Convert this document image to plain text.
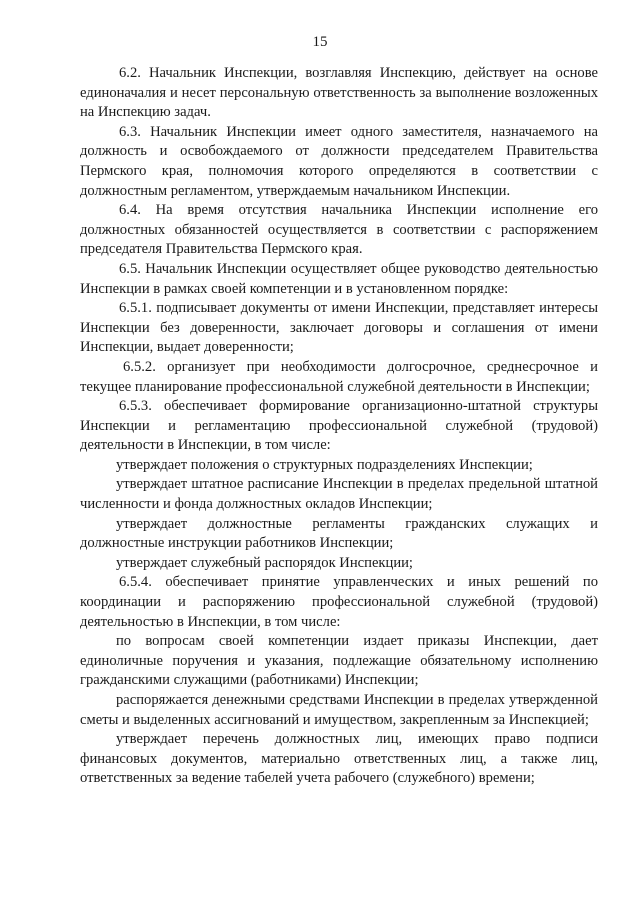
15

6.2. Начальник Инспекции, возглавляя Инспекцию, действует на основе единоначалия и несет персональную ответственность за выполнение возложенных на Инспекцию задач.

6.3. Начальник Инспекции имеет одного заместителя, назначаемого на должность и освобождаемого от должности председателем Правительства Пермского края, полномочия которого определяются в соответствии с должностным регламентом, утверждаемым начальником Инспекции.

6.4. На время отсутствия начальника Инспекции исполнение его должностных обязанностей осуществляется в соответствии с распоряжением председателя Правительства Пермского края.

6.5. Начальник Инспекции осуществляет общее руководство деятельностью Инспекции в рамках своей компетенции и в установленном порядке:

6.5.1. подписывает документы от имени Инспекции, представляет интересы Инспекции без доверенности, заключает договоры и соглашения от имени Инспекции, выдает доверенности;

6.5.2. организует при необходимости долгосрочное, среднесрочное и текущее планирование профессиональной служебной деятельности в Инспекции;

6.5.3. обеспечивает формирование организационно-штатной структуры Инспекции и регламентацию профессиональной служебной (трудовой) деятельности в Инспекции, в том числе:

утверждает положения о структурных подразделениях Инспекции;

утверждает штатное расписание Инспекции в пределах предельной штатной численности и фонда должностных окладов Инспекции;

утверждает должностные регламенты гражданских служащих и должностные инструкции работников Инспекции;

утверждает служебный распорядок Инспекции;

6.5.4. обеспечивает принятие управленческих и иных решений по координации и распоряжению профессиональной служебной (трудовой) деятельностью в Инспекции, в том числе:

по вопросам своей компетенции издает приказы Инспекции, дает единоличные поручения и указания, подлежащие обязательному исполнению гражданскими служащими (работниками) Инспекции;

распоряжается денежными средствами Инспекции в пределах утвержденной сметы и выделенных ассигнований и имуществом, закрепленным за Инспекцией;

утверждает перечень должностных лиц, имеющих право подписи финансовых документов, материально ответственных лиц, а также лиц, ответственных за ведение табелей учета рабочего (служебного) времени;
